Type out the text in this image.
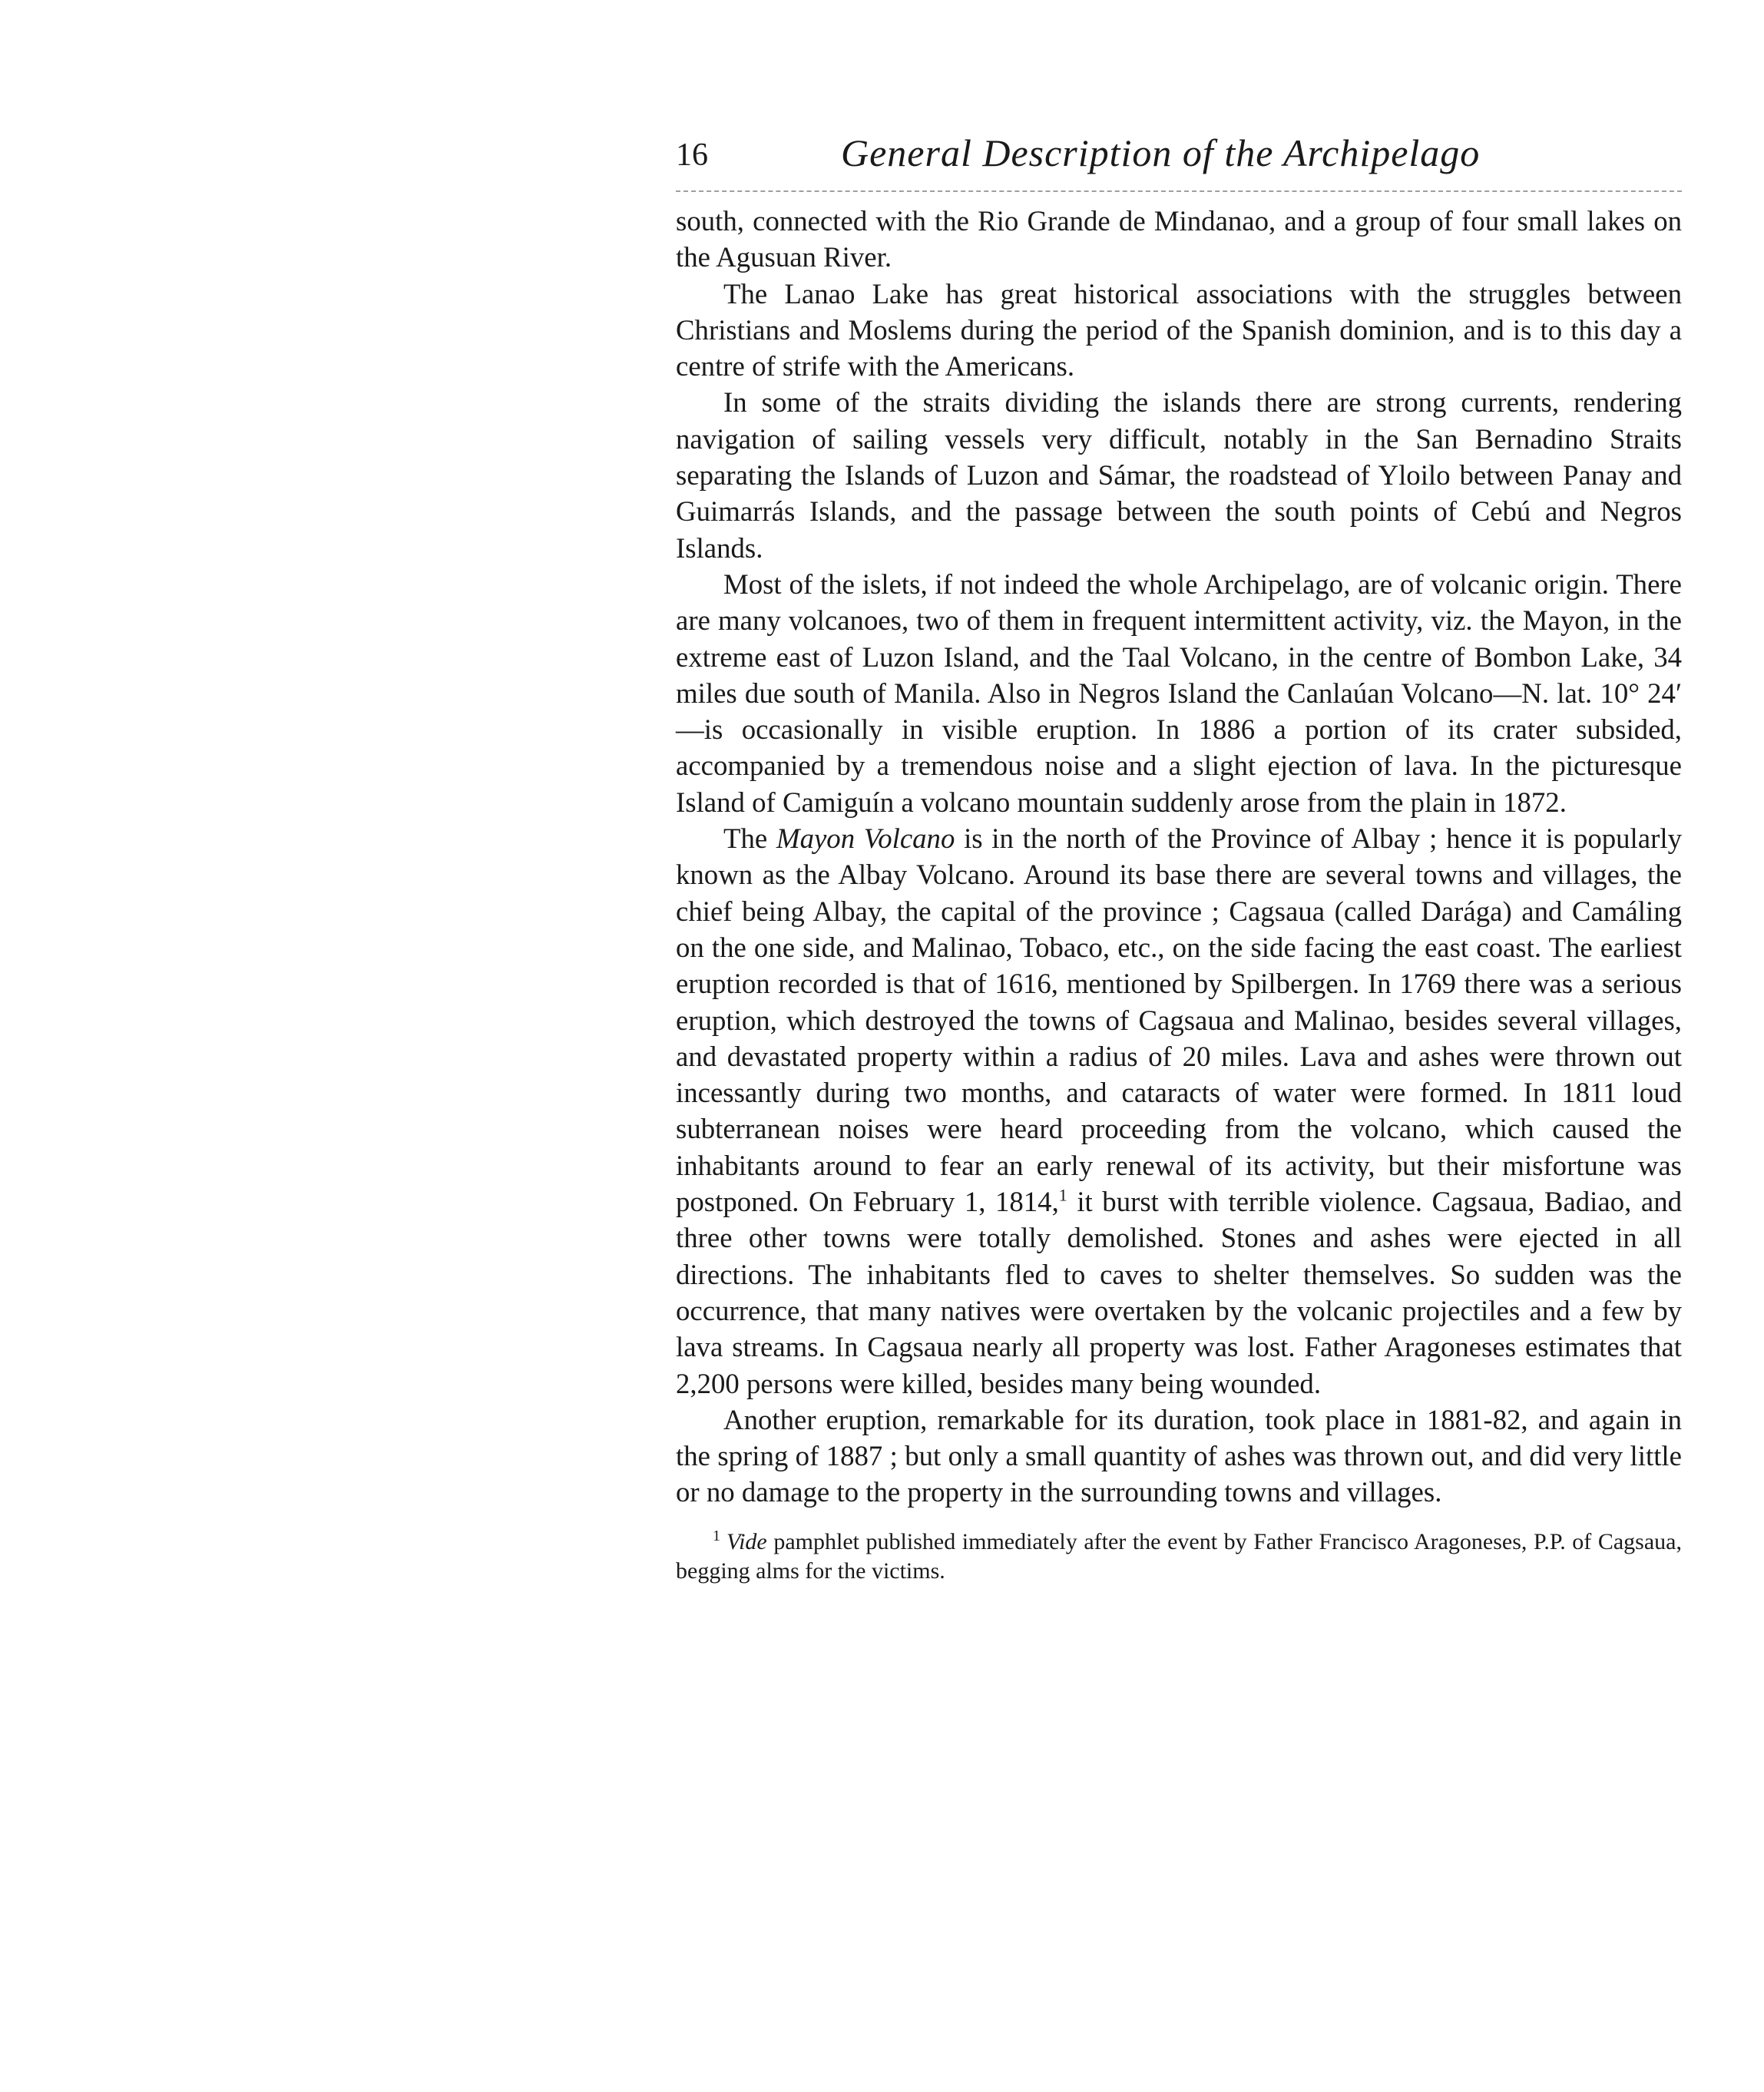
16	General Description of the Archipelago

south, connected with the Rio Grande de Mindanao, and a group of four small lakes on the Agusuan River.

The Lanao Lake has great historical associations with the struggles between Christians and Moslems during the period of the Spanish dominion, and is to this day a centre of strife with the Americans.

In some of the straits dividing the islands there are strong currents, rendering navigation of sailing vessels very difficult, notably in the San Bernadino Straits separating the Islands of Luzon and Sámar, the roadstead of Yloilo between Panay and Guimarrás Islands, and the passage between the south points of Cebú and Negros Islands.

Most of the islets, if not indeed the whole Archipelago, are of volcanic origin. There are many volcanoes, two of them in frequent intermittent activity, viz. the Mayon, in the extreme east of Luzon Island, and the Taal Volcano, in the centre of Bombon Lake, 34 miles due south of Manila. Also in Negros Island the Canlaúan Volcano—N. lat. 10° 24′—is occasionally in visible eruption. In 1886 a portion of its crater subsided, accompanied by a tremendous noise and a slight ejection of lava. In the picturesque Island of Camiguín a volcano mountain suddenly arose from the plain in 1872.

The Mayon Volcano is in the north of the Province of Albay ; hence it is popularly known as the Albay Volcano. Around its base there are several towns and villages, the chief being Albay, the capital of the province ; Cagsaua (called Darága) and Camáling on the one side, and Malinao, Tobaco, etc., on the side facing the east coast. The earliest eruption recorded is that of 1616, mentioned by Spilbergen. In 1769 there was a serious eruption, which destroyed the towns of Cagsaua and Malinao, besides several villages, and devastated property within a radius of 20 miles. Lava and ashes were thrown out incessantly during two months, and cataracts of water were formed. In 1811 loud subterranean noises were heard proceeding from the volcano, which caused the inhabitants around to fear an early renewal of its activity, but their misfortune was postponed. On February 1, 1814,$^1$ it burst with terrible violence. Cagsaua, Badiao, and three other towns were totally demolished. Stones and ashes were ejected in all directions. The inhabitants fled to caves to shelter themselves. So sudden was the occurrence, that many natives were overtaken by the volcanic projectiles and a few by lava streams. In Cagsaua nearly all property was lost. Father Aragoneses estimates that 2,200 persons were killed, besides many being wounded.

Another eruption, remarkable for its duration, took place in 1881-82, and again in the spring of 1887 ; but only a small quantity of ashes was thrown out, and did very little or no damage to the property in the surrounding towns and villages.

$^1$ Vide pamphlet published immediately after the event by Father Francisco Aragoneses, P.P. of Cagsaua, begging alms for the victims.
